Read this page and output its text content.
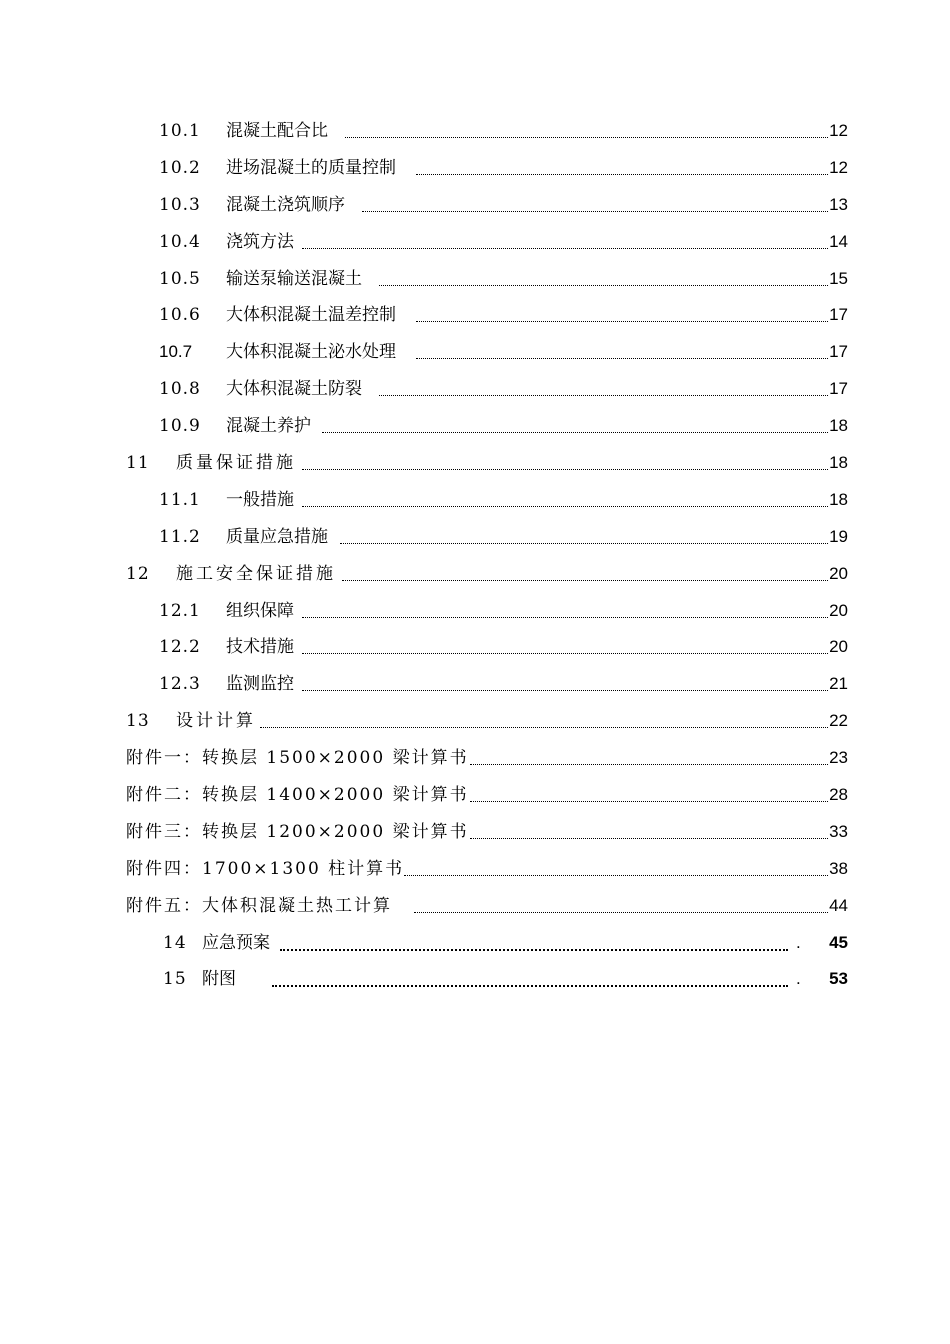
10.1 混凝土配合比	12
10.2 进场混凝土的质量控制	12
10.3 混凝土浇筑顺序	13
10.4 浇筑方法	14
10.5 输送泵输送混凝土	15
10.6 大体积混凝土温差控制	17
10.7 大体积混凝土泌水处理	17
10.8 大体积混凝土防裂	17
10.9 混凝土养护	18
11 质量保证措施	18
11.1 一般措施	18
11.2 质量应急措施	19
12 施工安全保证措施	20
12.1 组织保障	20
12.2 技术措施	20
12.3 监测监控	21
13 设计计算	22
附件一：转换层 1500×2000 梁计算书	23
附件二：转换层 1400×2000 梁计算书	28
附件三：转换层 1200×2000 梁计算书	33
附件四：1700×1300 柱计算书	38
附件五：大体积混凝土热工计算	44
14 应急预案	. 45
15 附图	. 53
